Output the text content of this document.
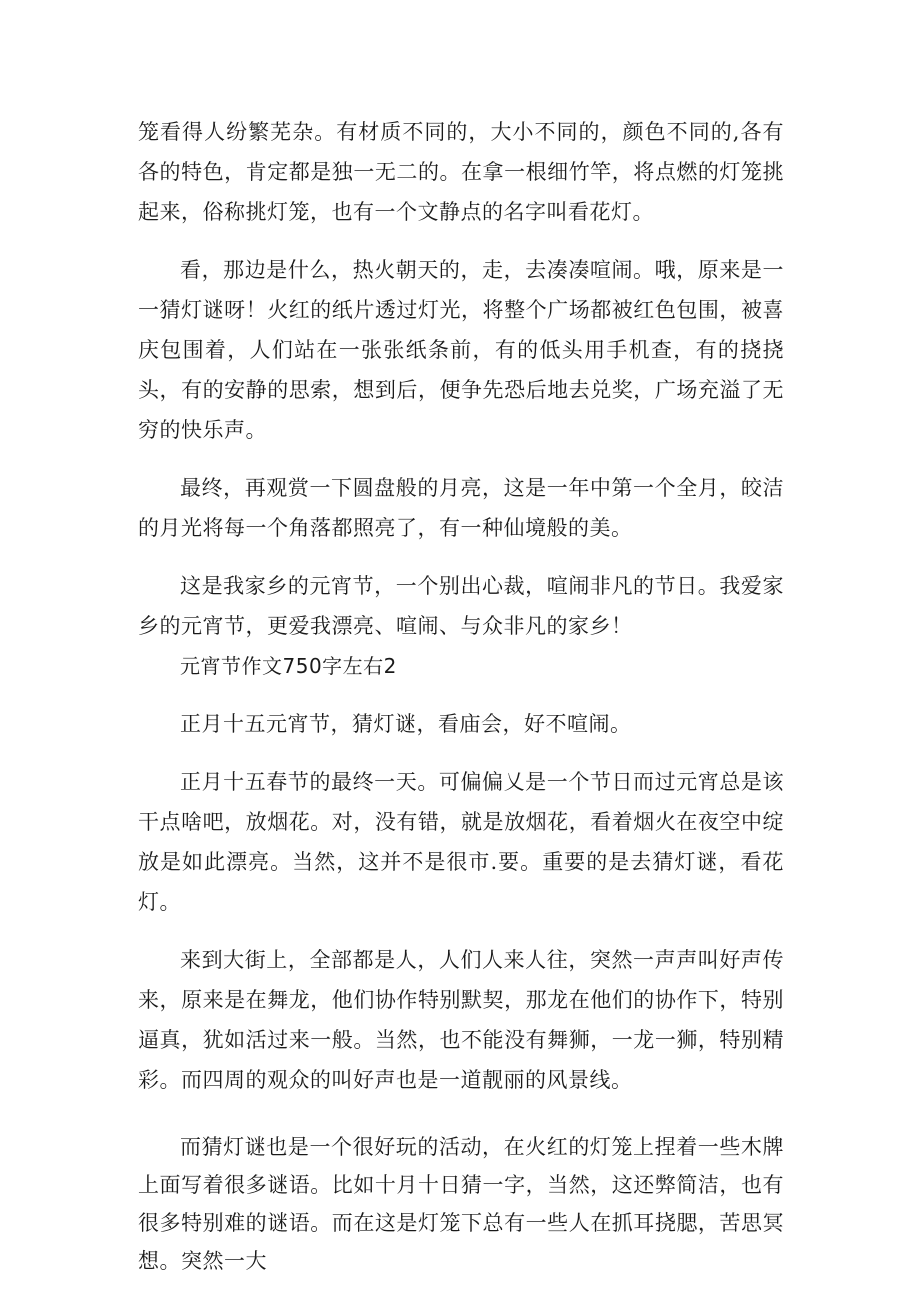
笼看得人纷繁芜杂。有材质不同的，大小不同的，颜色不同的,各有各的特色，肯定都是独一无二的。在拿一根细竹竿，将点燃的灯笼挑起来，俗称挑灯笼，也有一个文静点的名字叫看花灯。

看，那边是什么，热火朝天的，走，去凑凑喧闹。哦，原来是一一猜灯谜呀！火红的纸片透过灯光，将整个广场都被红色包围，被喜庆包围着，人们站在一张张纸条前，有的低头用手机查，有的挠挠头，有的安静的思索，想到后，便争先恐后地去兑奖，广场充溢了无穷的快乐声。

最终，再观赏一下圆盘般的月亮，这是一年中第一个全月，皎洁的月光将每一个角落都照亮了，有一种仙境般的美。

这是我家乡的元宵节，一个别出心裁，喧闹非凡的节日。我爱家乡的元宵节，更爱我漂亮、喧闹、与众非凡的家乡！

元宵节作文750字左右2

正月十五元宵节，猜灯谜，看庙会，好不喧闹。

正月十五春节的最终一天。可偏偏乂是一个节日而过元宵总是该干点啥吧，放烟花。对，没有错，就是放烟花，看着烟火在夜空中绽放是如此漂亮。当然，这并不是很市.要。重要的是去猜灯谜，看花灯。

来到大街上，全部都是人，人们人来人往，突然一声声叫好声传来，原来是在舞龙，他们协作特别默契，那龙在他们的协作下，特别逼真，犹如活过来一般。当然，也不能没有舞狮，一龙一狮，特别精彩。而四周的观众的叫好声也是一道靓丽的风景线。

而猜灯谜也是一个很好玩的活动，在火红的灯笼上捏着一些木牌上面写着很多谜语。比如十月十日猜一字，当然，这还弊简洁，也有很多特别难的谜语。而在这是灯笼下总有一些人在抓耳挠腮，苦思冥想。突然一大
